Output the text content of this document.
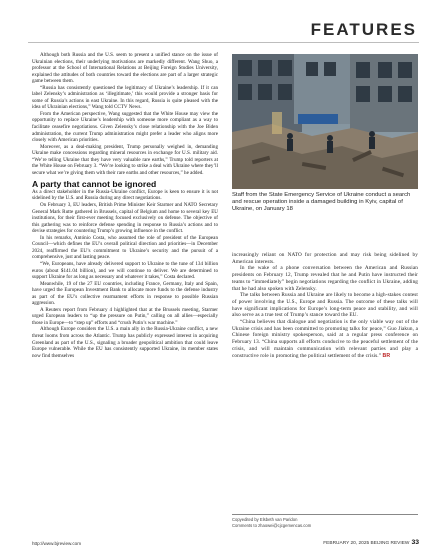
FEATURES

Although both Russia and the U.S. seem to present a unified stance on the issue of Ukrainian elections, their underlying motivations are markedly different. Wang Shuo, a professor at the School of International Relations at Beijing Foreign Studies University, explained the attitudes of both countries toward the elections are part of a larger strategic game between them.

“Russia has consistently questioned the legitimacy of Ukraine’s leadership. If it can label Zelensky’s administration as ‘illegitimate,’ this would provide a stronger basis for some of Russia’s actions in east Ukraine. In this regard, Russia is quite pleased with the idea of Ukrainian elections,” Wang told CCTV News.

From the American perspective, Wang suggested that the White House may view the opportunity to replace Ukraine’s leadership with someone more compliant as a way to facilitate ceasefire negotiations. Given Zelensky’s close relationship with the Joe Biden administration, the current Trump administration might prefer a leader who aligns more closely with American priorities.

Moreover, as a deal-making president, Trump personally weighed in, demanding Ukraine make concessions regarding mineral resources in exchange for U.S. military aid. “We’re telling Ukraine that they have very valuable rare earths,” Trump told reporters at the White House on February 3. “We’re looking to strike a deal with Ukraine where they’ll secure what we’re giving them with their rare earths and other resources,” he added.

A party that cannot be ignored

As a direct stakeholder in the Russia-Ukraine conflict, Europe is keen to ensure it is not sidelined by the U.S. and Russia during any direct negotiations.

On February 3, EU leaders, British Prime Minister Keir Starmer and NATO Secretary General Mark Rutte gathered in Brussels, capital of Belgium and home to several key EU institutions, for their first-ever meeting focused exclusively on defense. The objective of this gathering was to reinforce defense spending in response to Russia’s actions and to devise strategies for countering Trump’s growing influence in the conflict.

In his remarks, António Costa, who assumed the role of president of the European Council—which defines the EU’s overall political direction and priorities—in December 2024, reaffirmed the EU’s commitment to Ukraine’s security and the pursuit of a comprehensive, just and lasting peace.

“We, Europeans, have already delivered support to Ukraine to the tune of 134 billion euros (about $141.04 billion), and we will continue to deliver. We are determined to support Ukraine for as long as necessary and whatever it takes,” Costa declared.

Meanwhile, 19 of the 27 EU countries, including France, Germany, Italy and Spain, have urged the European Investment Bank to allocate more funds to the defense industry as part of the EU’s collective rearmament efforts in response to possible Russian aggression.

A Reuters report from February 4 highlighted that at the Brussels meeting, Starmer urged European leaders to “up the pressure on Putin,” calling on all allies—especially those in Europe—to “step up” efforts and “crush Putin’s war machine.”

Although Europe considers the U.S. a main ally in the Russia-Ukraine conflict, a new threat looms from across the Atlantic. Trump has publicly expressed interest in acquiring Greenland as part of the U.S., signaling a broader geopolitical ambition that could leave Europe vulnerable. While the EU has consistently supported Ukraine, its member states now find themselves

Staff from the State Emergency Service of Ukraine conduct a search and rescue operation inside a damaged building in Kyiv, capital of Ukraine, on January 18

increasingly reliant on NATO for protection and may risk being sidelined by American interests.

In the wake of a phone conversation between the American and Russian presidents on February 12, Trump revealed that he and Putin have instructed their teams to “immediately” begin negotiations regarding the conflict in Ukraine, adding that he had also spoken with Zelensky.

The talks between Russia and Ukraine are likely to become a high-stakes contest of power involving the U.S., Europe and Russia. The outcome of these talks will have significant implications for Europe’s long-term peace and stability, and will also serve as a true test of Trump’s stance toward the EU.

“China believes that dialogue and negotiation is the only viable way out of the Ukraine crisis and has been committed to promoting talks for peace,” Guo Jiakun, a Chinese foreign ministry spokesperson, said at a regular press conference on February 13. “China supports all efforts conducive to the peaceful settlement of the crisis, and will maintain communication with relevant parties and play a constructive role in promoting the political settlement of the crisis.” BR

Copyedited by Elsbeth van Paridon
Comments to zhaowei@cjcgemencas.com
http://www.bjreview.com	FEBRUARY 20, 2025 BEIJING REVIEW 33
